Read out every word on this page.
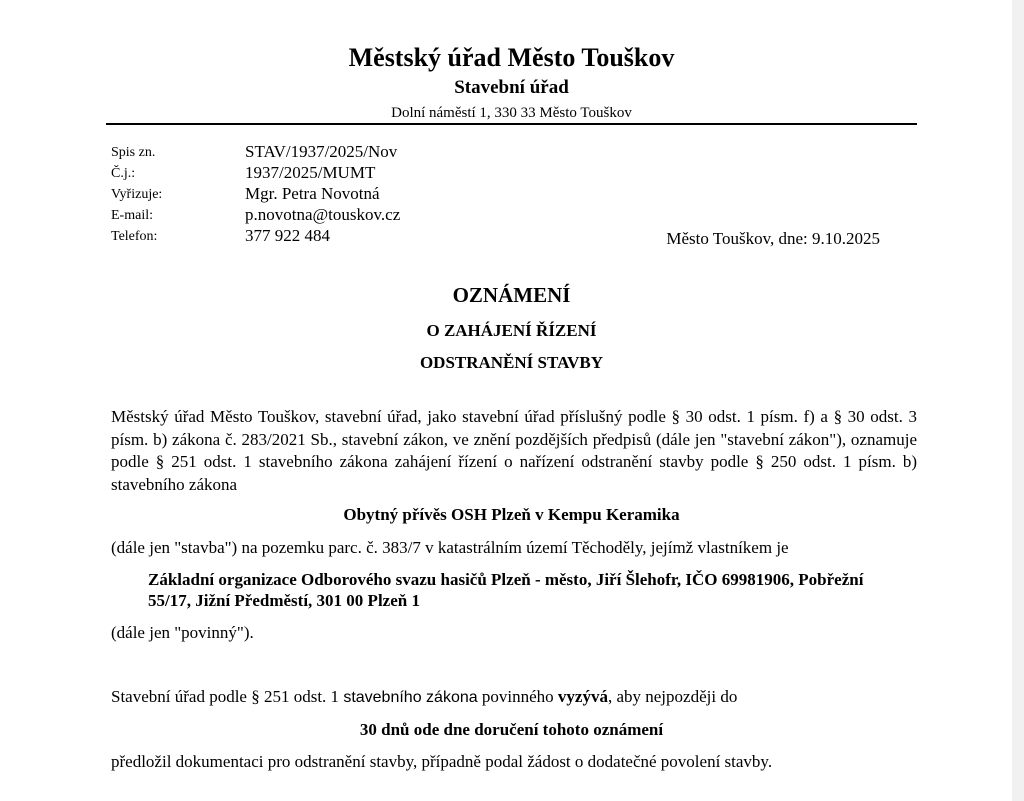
Městský úřad Město Touškov
Stavební úřad
Dolní náměstí 1, 330 33 Město Touškov
Spis zn.	STAV/1937/2025/Nov
Č.j.:	1937/2025/MUMT
Vyřizuje:	Mgr. Petra Novotná
E-mail:	p.novotna@touskov.cz
Telefon:	377 922 484	Město Touškov, dne: 9.10.2025
OZNÁMENÍ
O ZAHÁJENÍ ŘÍZENÍ
ODSTRANĚNÍ STAVBY
Městský úřad Město Touškov, stavební úřad, jako stavební úřad příslušný podle § 30 odst. 1 písm. f) a § 30 odst. 3 písm. b) zákona č. 283/2021 Sb., stavební zákon, ve znění pozdějších předpisů (dále jen "stavební zákon"), oznamuje podle § 251 odst. 1 stavebního zákona zahájení řízení o nařízení odstranění stavby podle § 250 odst. 1 písm. b) stavebního zákona
Obytný přívěs OSH Plzeň v Kempu Keramika
(dále jen "stavba") na pozemku parc. č. 383/7 v katastrálním území Těchoděly, jejímž vlastníkem je
Základní organizace Odborového svazu hasičů Plzeň - město, Jiří Šlehofr, IČO 69981906, Pobřežní 55/17, Jižní Předměstí, 301 00 Plzeň 1
(dále jen "povinný").
Stavební úřad podle § 251 odst. 1 stavebního zákona povinného vyzývá, aby nejpozději do
30 dnů ode dne doručení tohoto oznámení
předložil dokumentaci pro odstranění stavby, případně podal žádost o dodatečné povolení stavby.
